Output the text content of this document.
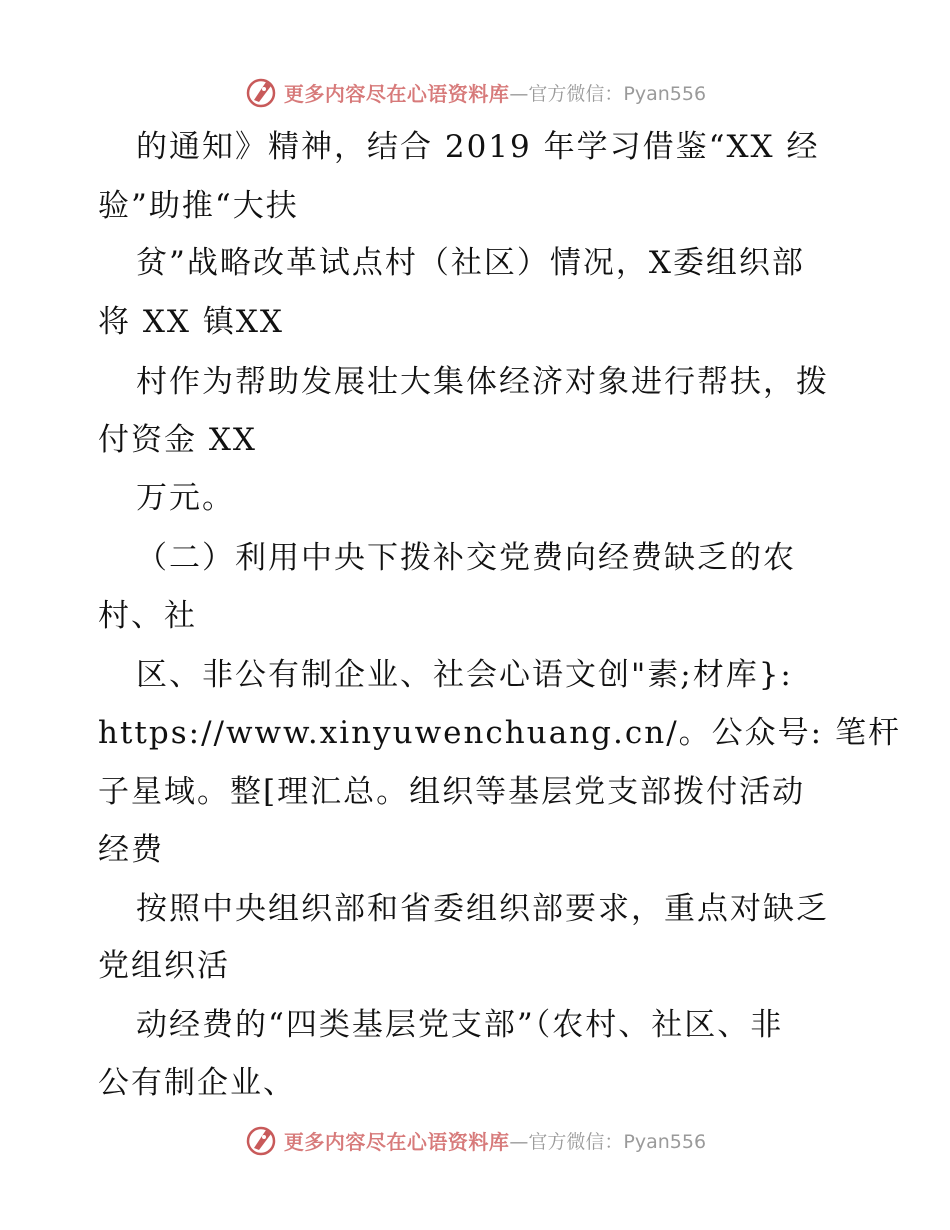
更多内容尽在心语资料库 —官方微信：Pyan556

的通知》精神，结合 2019 年学习借鉴“XX 经

验”助推“大扶

贫”战略改革试点村（社区）情况，X委组织部

将 XX 镇XX

村作为帮助发展壮大集体经济对象进行帮扶，拨

付资金 XX

万元。

（二）利用中央下拨补交党费向经费缺乏的农

村、社

区、非公有制企业、社会心语文创"素;材库}:

https://www.xinyuwenchuang.cn/。公众号: 笔杆

子星域。整[理汇总。组织等基层党支部拨付活动

经费

按照中央组织部和省委组织部要求，重点对缺乏

党组织活

动经费的“四类基层党支部”（农村、社区、非

公有制企业、

更多内容尽在心语资料库 —官方微信：Pyan556
